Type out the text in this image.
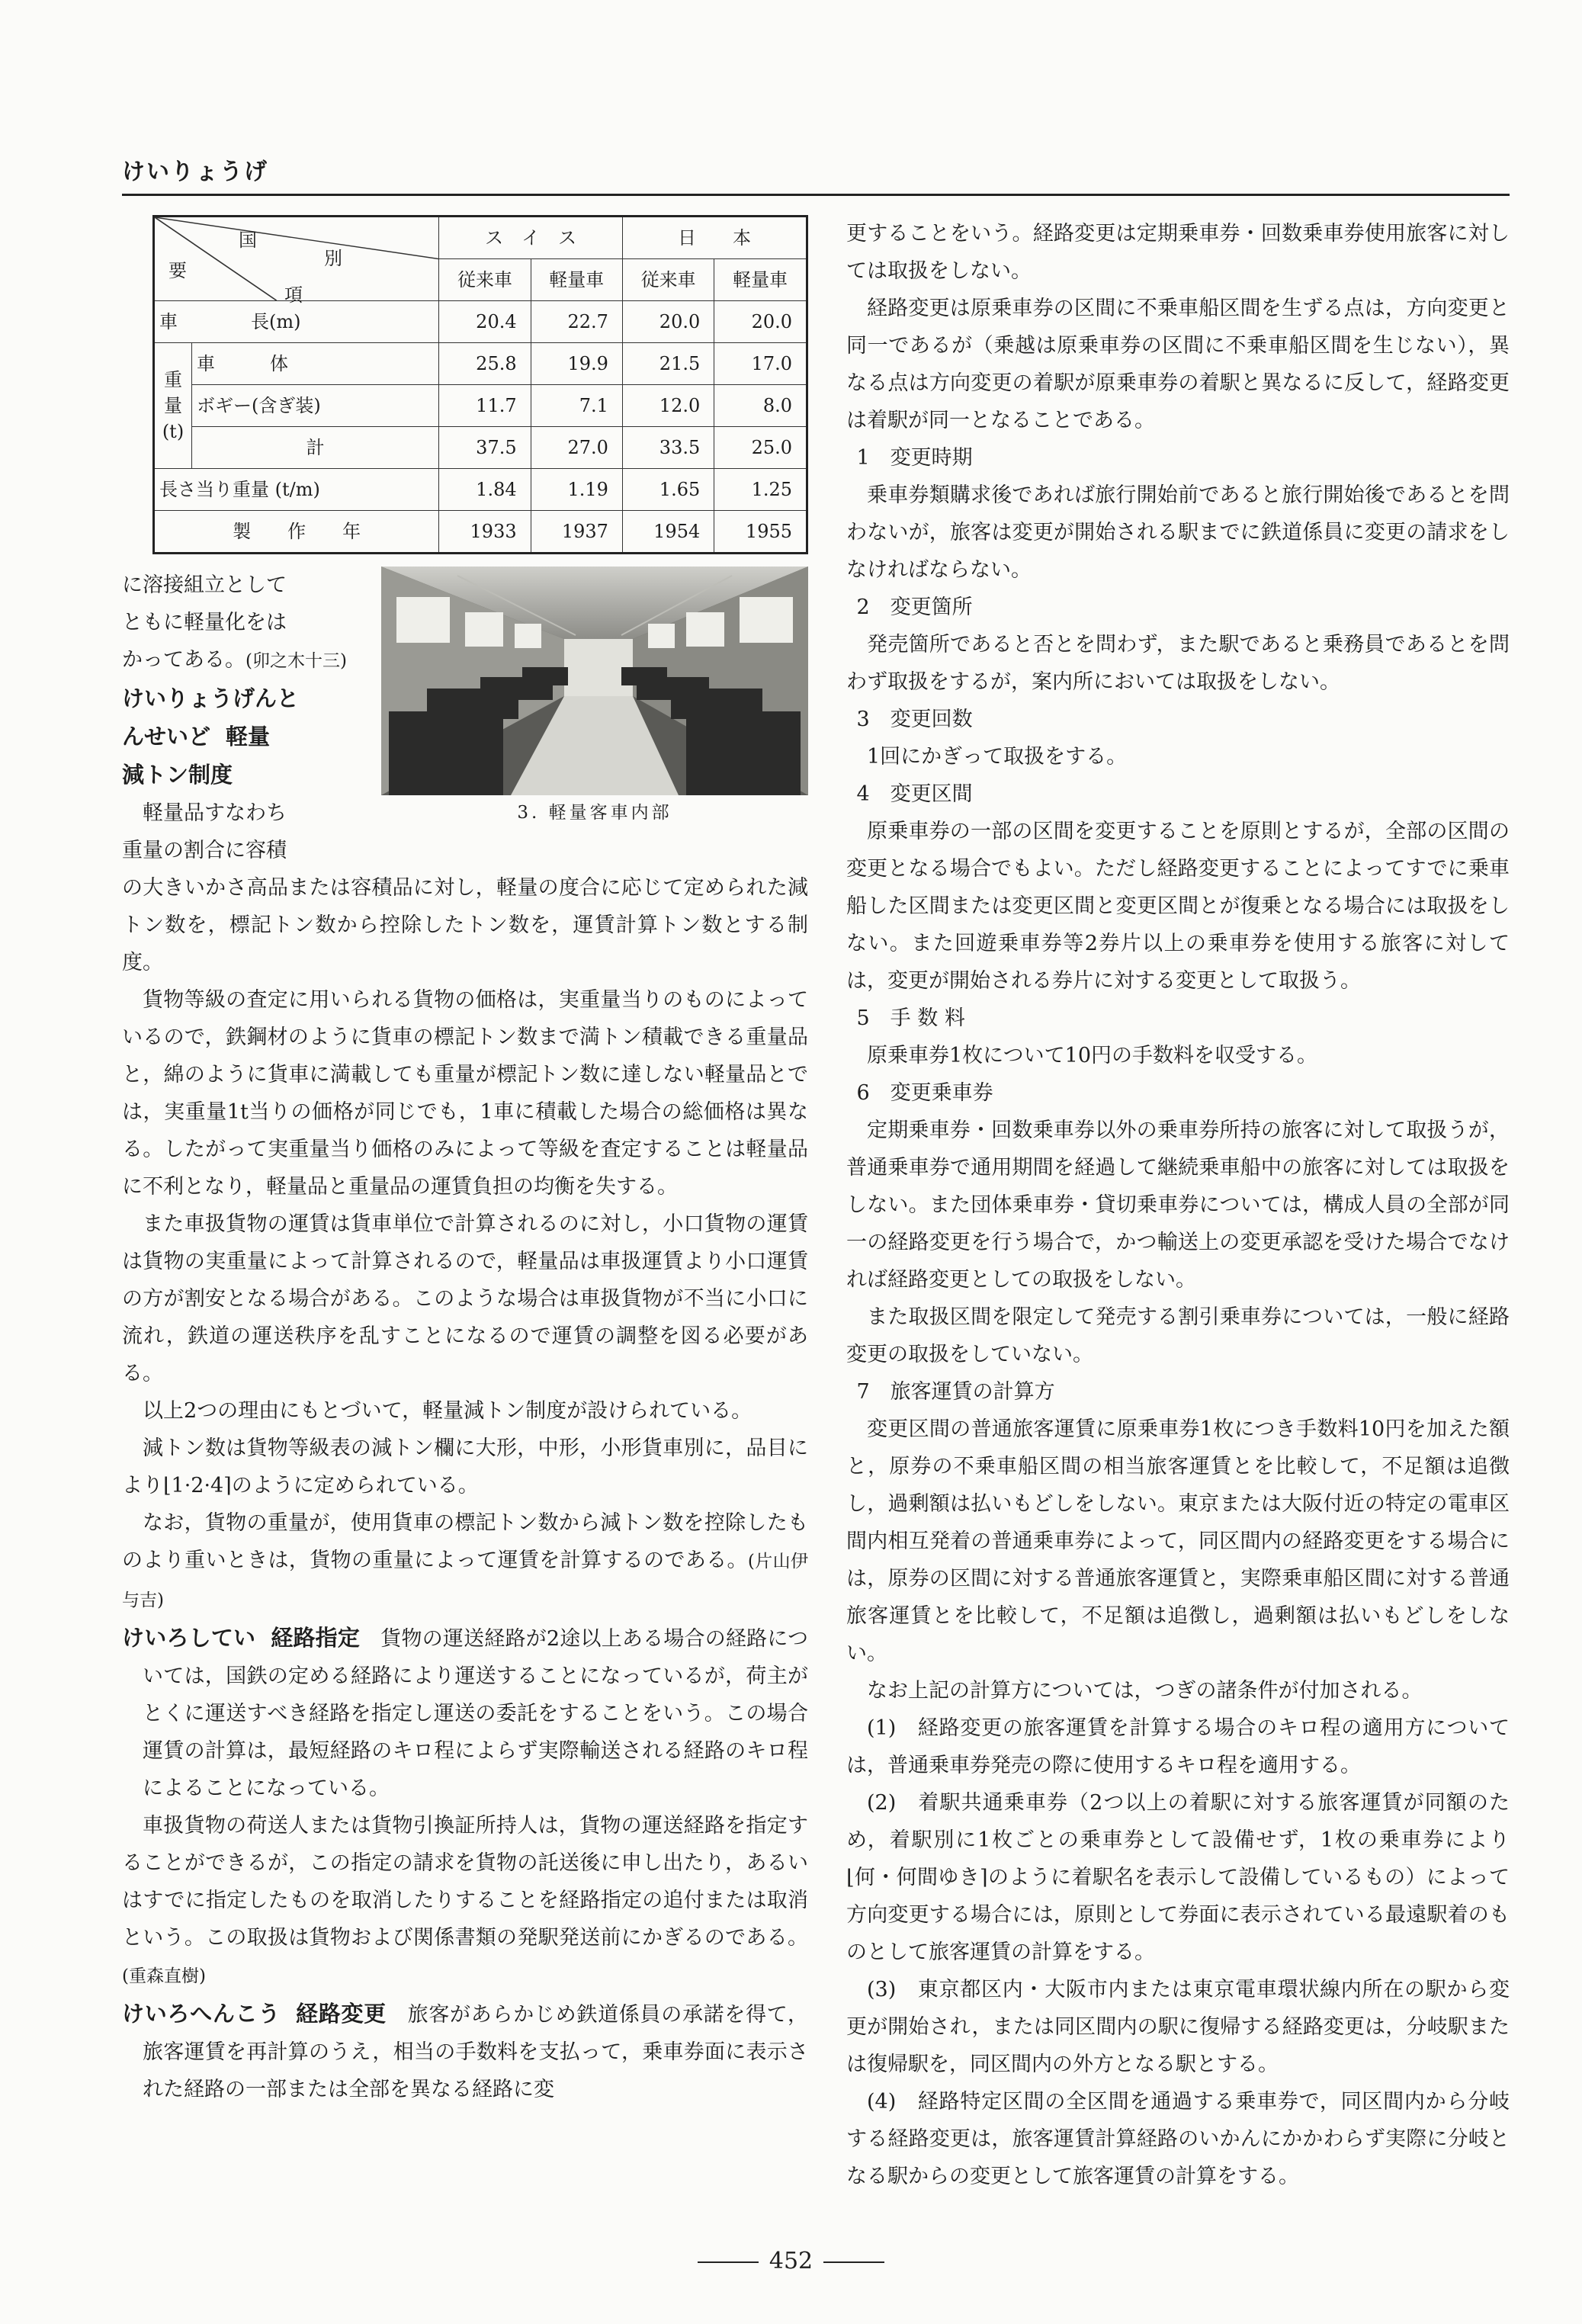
けいりょうげ
国
別
要
項		ス　イ　ス		日　　本	
		従来車	軽量車	従来車	軽量車
車　　　　長(m)		20.4	22.7	20.0	20.0
重
量
(t)	車　　　体	25.8	19.9	21.5	17.0
	ボギー(含ぎ装)	11.7	7.1	12.0	8.0
	計	37.5	27.0	33.5	25.0
長さ当り重量 (t/m)		1.84	1.19	1.65	1.25
製　　作　　年		1933	1937	1954	1955

に溶接組立として

ともに軽量化をは

かってある。(卯之木十三)

けいりょうげんと

んせいど 軽量

減トン制度

軽量品すなわち

重量の割合に容積

3. 軽量客車内部

の大きいかさ高品または容積品に対し，軽量の度合に応じて定められた減トン数を，標記トン数から控除したトン数を，運賃計算トン数とする制度。

貨物等級の査定に用いられる貨物の価格は，実重量当りのものによっているので，鉄鋼材のように貨車の標記トン数まで満トン積載できる重量品と，綿のように貨車に満載しても重量が標記トン数に達しない軽量品とでは，実重量1t当りの価格が同じでも，1車に積載した場合の総価格は異なる。したがって実重量当り価格のみによって等級を査定することは軽量品に不利となり，軽量品と重量品の運賃負担の均衡を失する。

また車扱貨物の運賃は貨車単位で計算されるのに対し，小口貨物の運賃は貨物の実重量によって計算されるので，軽量品は車扱運賃より小口運賃の方が割安となる場合がある。このような場合は車扱貨物が不当に小口に流れ，鉄道の運送秩序を乱すことになるので運賃の調整を図る必要がある。

以上2つの理由にもとづいて，軽量減トン制度が設けられている。

減トン数は貨物等級表の減トン欄に大形，中形，小形貨車別に，品目により⌊1·2·4⌉のように定められている。

なお，貨物の重量が，使用貨車の標記トン数から減トン数を控除したものより重いときは，貨物の重量によって運賃を計算するのである。(片山伊与吉)

けいろしてい 経路指定　 貨物の運送経路が2途以上ある場合の経路については，国鉄の定める経路により運送することになっているが，荷主がとくに運送すべき経路を指定し運送の委託をすることをいう。この場合運賃の計算は，最短経路のキロ程によらず実際輸送される経路のキロ程によることになっている。

車扱貨物の荷送人または貨物引換証所持人は，貨物の運送経路を指定することができるが，この指定の請求を貨物の託送後に申し出たり，あるいはすでに指定したものを取消したりすることを経路指定の追付または取消という。この取扱は貨物および関係書類の発駅発送前にかぎるのである。(重森直樹)

けいろへんこう 経路変更　 旅客があらかじめ鉄道係員の承諾を得て，旅客運賃を再計算のうえ，相当の手数料を支払って，乗車券面に表示された経路の一部または全部を異なる経路に変

更することをいう。経路変更は定期乗車券・回数乗車券使用旅客に対しては取扱をしない。

経路変更は原乗車券の区間に不乗車船区間を生ずる点は，方向変更と同一であるが（乗越は原乗車券の区間に不乗車船区間を生じない），異なる点は方向変更の着駅が原乗車券の着駅と異なるに反して，経路変更は着駅が同一となることである。

1　変更時期

乗車券類購求後であれば旅行開始前であると旅行開始後であるとを問わないが，旅客は変更が開始される駅までに鉄道係員に変更の請求をしなければならない。

2　変更箇所

発売箇所であると否とを問わず，また駅であると乗務員であるとを問わず取扱をするが，案内所においては取扱をしない。

3　変更回数

1回にかぎって取扱をする。

4　変更区間

原乗車券の一部の区間を変更することを原則とするが，全部の区間の変更となる場合でもよい。ただし経路変更することによってすでに乗車船した区間または変更区間と変更区間とが復乗となる場合には取扱をしない。また回遊乗車券等2券片以上の乗車券を使用する旅客に対しては，変更が開始される券片に対する変更として取扱う。

5　手 数 料

原乗車券1枚について10円の手数料を収受する。

6　変更乗車券

定期乗車券・回数乗車券以外の乗車券所持の旅客に対して取扱うが，普通乗車券で通用期間を経過して継続乗車船中の旅客に対しては取扱をしない。また団体乗車券・貸切乗車券については，構成人員の全部が同一の経路変更を行う場合で，かつ輸送上の変更承認を受けた場合でなければ経路変更としての取扱をしない。

また取扱区間を限定して発売する割引乗車券については，一般に経路変更の取扱をしていない。

7　旅客運賃の計算方

変更区間の普通旅客運賃に原乗車券1枚につき手数料10円を加えた額と，原券の不乗車船区間の相当旅客運賃とを比較して，不足額は追徴し，過剰額は払いもどしをしない。東京または大阪付近の特定の電車区間内相互発着の普通乗車券によって，同区間内の経路変更をする場合には，原券の区間に対する普通旅客運賃と，実際乗車船区間に対する普通旅客運賃とを比較して，不足額は追徴し，過剰額は払いもどしをしない。

なお上記の計算方については，つぎの諸条件が付加される。

(1)　経路変更の旅客運賃を計算する場合のキロ程の適用方については，普通乗車券発売の際に使用するキロ程を適用する。

(2)　着駅共通乗車券（2つ以上の着駅に対する旅客運賃が同額のため，着駅別に1枚ごとの乗車券として設備せず，1枚の乗車券により⌊何・何間ゆき⌉のように着駅名を表示して設備しているもの）によって方向変更する場合には，原則として券面に表示されている最遠駅着のものとして旅客運賃の計算をする。

(3)　東京都区内・大阪市内または東京電車環状線内所在の駅から変更が開始され，または同区間内の駅に復帰する経路変更は，分岐駅または復帰駅を，同区間内の外方となる駅とする。

(4)　経路特定区間の全区間を通過する乗車券で，同区間内から分岐する経路変更は，旅客運賃計算経路のいかんにかかわらず実際に分岐となる駅からの変更として旅客運賃の計算をする。

452
